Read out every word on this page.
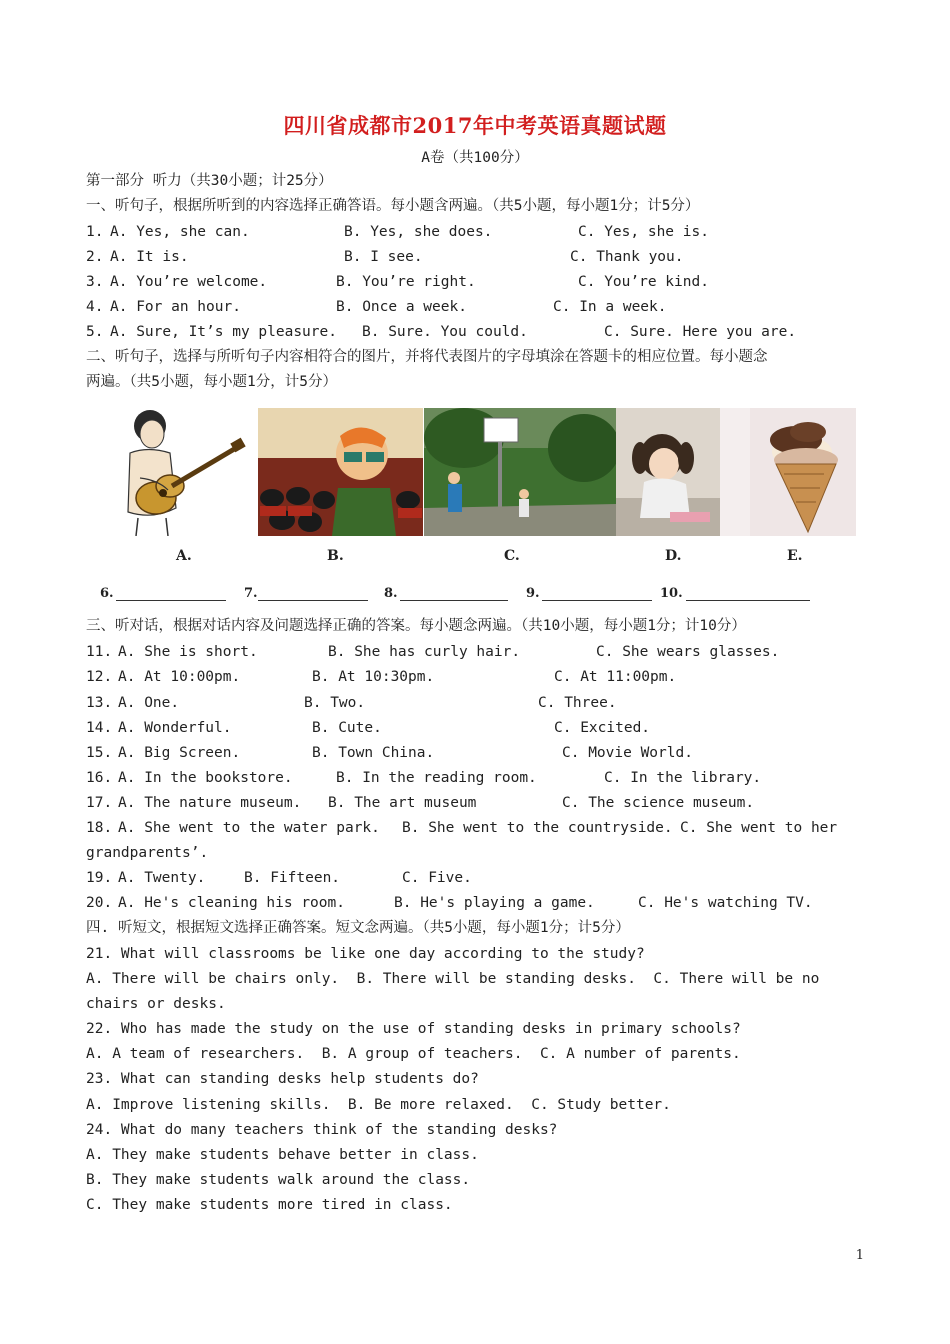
四川省成都市2017年中考英语真题试题
A卷（共100分）
第一部分 听力（共30小题；计25分）
一、听句子，根据所听到的内容选择正确答语。每小题含两遍。（共5小题，每小题1分；计5分）
1. A. Yes, she can.	B. Yes, she does.	C. Yes, she is.
2. A. It is.	B. I see.	C. Thank you.
3. A. You’re welcome.	B. You’re right.	C. You’re kind.
4. A. For an hour.	B. Once a week.	C. In a week.
5. A. Sure, It’s my pleasure. B. Sure. You could.	C. Sure. Here you are.
二、听句子，选择与所听句子内容相符合的图片，并将代表图片的字母填涂在答题卡的相应位置。每小题念
两遍。（共5小题，每小题1分，计5分）
A.	B.	C.	D.	E.
6.	7.	8.	9.	10.
三、听对话，根据对话内容及问题选择正确的答案。每小题念两遍。（共10小题，每小题1分；计10分）
11. A. She is short.	B. She has curly hair.	C. She wears glasses.
12. A. At 10:00pm.	B. At 10:30pm.	C. At 11:00pm.
13. A. One.	B. Two.	C. Three.
14. A. Wonderful.	B. Cute.	C. Excited.
15. A. Big Screen.	B. Town China.	C. Movie World.
16. A. In the bookstore.	B. In the reading room.	C. In the library.
17. A. The nature museum. B. The art museum	C. The science museum.
18. A. She went to the water park. B. She went to the countryside. C. She went to her
grandparents’.
19. A. Twenty.	B. Fifteen.	C. Five.
20. A. He's cleaning his room.	B. He's playing a game.	C. He's watching TV.
四. 听短文，根据短文选择正确答案。短文念两遍。（共5小题，每小题1分；计5分）
21. What will classrooms be like one day according to the study?
A. There will be chairs only.  B. There will be standing desks.  C. There will be no
chairs or desks.
22. Who has made the study on the use of standing desks in primary schools?
A. A team of researchers.  B. A group of teachers.  C. A number of parents.
23. What can standing desks help students do?
A. Improve listening skills.  B. Be more relaxed.  C. Study better.
24. What do many teachers think of the standing desks?
A. They make students behave better in class.
B. They make students walk around the class.
C. They make students more tired in class.
1
